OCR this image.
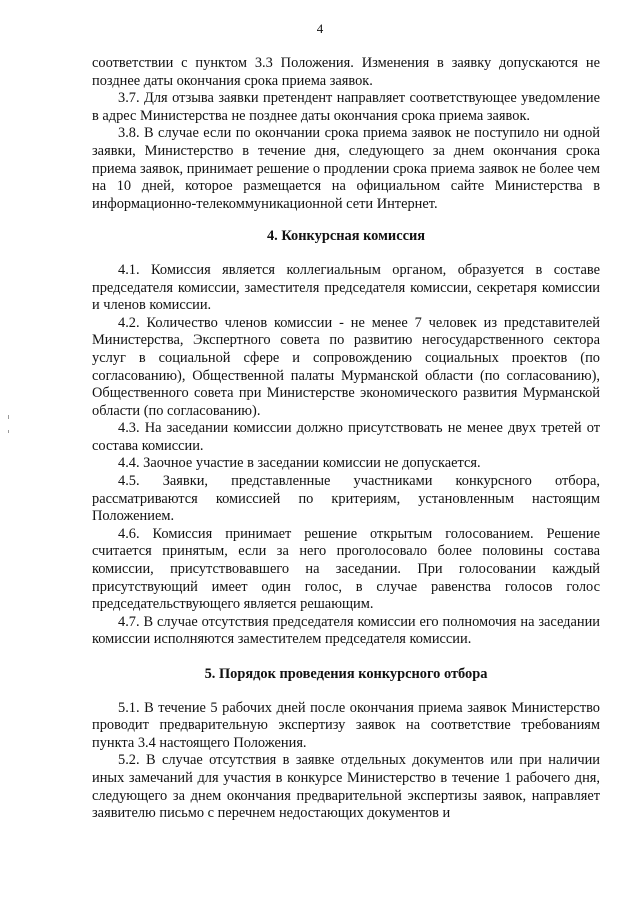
4

соответствии с пунктом 3.3 Положения. Изменения в заявку допускаются не позднее даты окончания срока приема заявок.

3.7. Для отзыва заявки претендент направляет соответствующее уведомление в адрес Министерства не позднее даты окончания срока приема заявок.

3.8. В случае если по окончании срока приема заявок не поступило ни одной заявки, Министерство в течение дня, следующего за днем окончания срока приема заявок, принимает решение о продлении срока приема заявок не более чем на 10 дней, которое размещается на официальном сайте Министерства в информационно-телекоммуникационной сети Интернет.

4. Конкурсная комиссия

4.1. Комиссия является коллегиальным органом, образуется в составе председателя комиссии, заместителя председателя комиссии, секретаря комиссии и членов комиссии.

4.2. Количество членов комиссии - не менее 7 человек из представителей Министерства, Экспертного совета по развитию негосударственного сектора услуг в социальной сфере и сопровождению социальных проектов (по согласованию), Общественной палаты Мурманской области (по согласованию), Общественного совета при Министерстве экономического развития Мурманской области (по согласованию).

4.3. На заседании комиссии должно присутствовать не менее двух третей от состава комиссии.

4.4. Заочное участие в заседании комиссии не допускается.

4.5. Заявки, представленные участниками конкурсного отбора, рассматриваются комиссией по критериям, установленным настоящим Положением.

4.6. Комиссия принимает решение открытым голосованием. Решение считается принятым, если за него проголосовало более половины состава комиссии, присутствовавшего на заседании. При голосовании каждый присутствующий имеет один голос, в случае равенства голосов голос председательствующего является решающим.

4.7. В случае отсутствия председателя комиссии его полномочия на заседании комиссии исполняются заместителем председателя комиссии.

5. Порядок проведения конкурсного отбора

5.1. В течение 5 рабочих дней после окончания приема заявок Министерство проводит предварительную экспертизу заявок на соответствие требованиям пункта 3.4 настоящего Положения.

5.2. В случае отсутствия в заявке отдельных документов или при наличии иных замечаний для участия в конкурсе Министерство в течение 1 рабочего дня, следующего за днем окончания предварительной экспертизы заявок, направляет заявителю письмо с перечнем недостающих документов и
